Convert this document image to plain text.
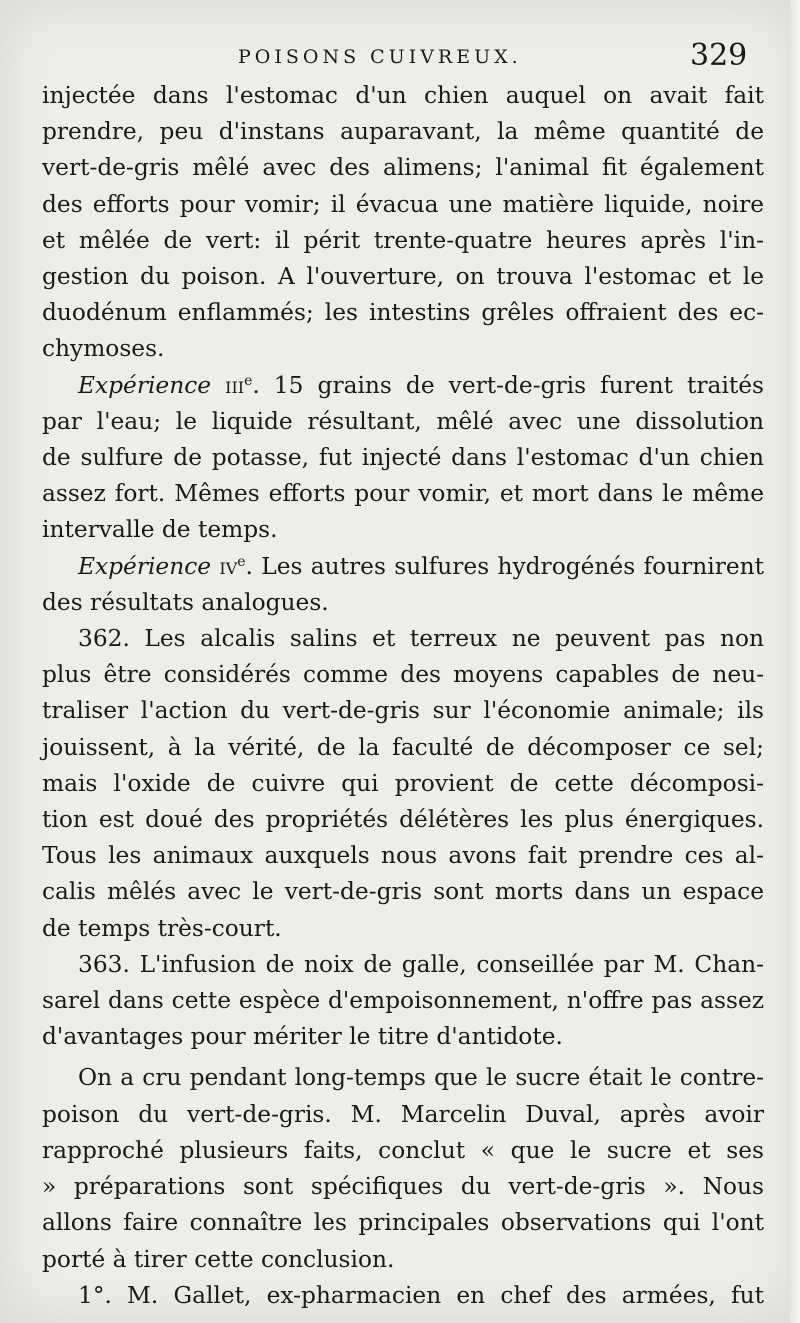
POISONS CUIVREUX.	329
injectée dans l'estomac d'un chien auquel on avait fait
prendre, peu d'instans auparavant, la même quantité de
vert-de-gris mêlé avec des alimens; l'animal fit également
des efforts pour vomir; il évacua une matière liquide, noire
et mêlée de vert: il périt trente-quatre heures après l'in-
gestion du poison. A l'ouverture, on trouva l'estomac et le
duodénum enflammés; les intestins grêles offraient des ec-
chymoses.
Expérience iii$^e$. 15 grains de vert-de-gris furent traités
par l'eau; le liquide résultant, mêlé avec une dissolution
de sulfure de potasse, fut injecté dans l'estomac d'un chien
assez fort. Mêmes efforts pour vomir, et mort dans le même
intervalle de temps.
Expérience $iv^e$. Les autres sulfures hydrogénés fournirent
des résultats analogues.
362. Les alcalis salins et terreux ne peuvent pas non
plus être considérés comme des moyens capables de neu-
traliser l'action du vert-de-gris sur l'économie animale; ils
jouissent, à la vérité, de la faculté de décomposer ce sel;
mais l'oxide de cuivre qui provient de cette décomposi-
tion est doué des propriétés délétères les plus énergiques.
Tous les animaux auxquels nous avons fait prendre ces al-
calis mêlés avec le vert-de-gris sont morts dans un espace
de temps très-court.
363. L'infusion de noix de galle, conseillée par M. Chan-
sarel dans cette espèce d'empoisonnement, n'offre pas assez
d'avantages pour mériter le titre d'antidote.
On a cru pendant long-temps que le sucre était le contre-
poison du vert-de-gris. M. Marcelin Duval, après avoir
rapproché plusieurs faits, conclut « que le sucre et ses
» préparations sont spécifiques du vert-de-gris ». Nous
allons faire connaître les principales observations qui l'ont
porté à tirer cette conclusion.
1°. M. Gallet, ex-pharmacien en chef des armées, fut
